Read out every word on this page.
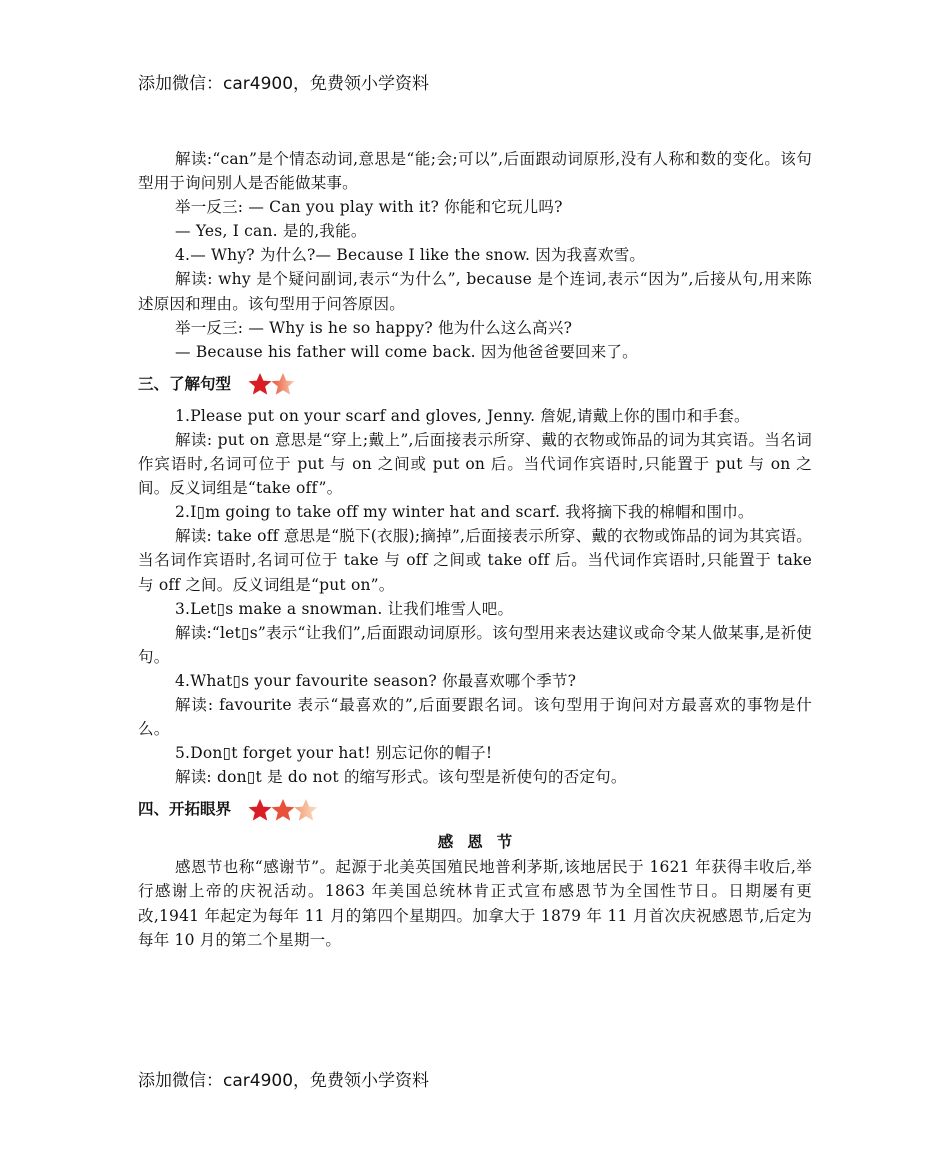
添加微信：car4900，免费领小学资料

解读:“can”是个情态动词,意思是“能;会;可以”,后面跟动词原形,没有人称和数的变化。该句型用于询问别人是否能做某事。

举一反三: — Can you play with it? 你能和它玩儿吗?

— Yes, I can. 是的,我能。

4.— Why? 为什么?— Because I like the snow. 因为我喜欢雪。

解读: why 是个疑问副词,表示“为什么”, because 是个连词,表示“因为”,后接从句,用来陈述原因和理由。该句型用于问答原因。

举一反三: — Why is he so happy? 他为什么这么高兴?

— Because his father will come back. 因为他爸爸要回来了。

三、了解句型

1.Please put on your scarf and gloves, Jenny. 詹妮,请戴上你的围巾和手套。

解读: put on 意思是“穿上;戴上”,后面接表示所穿、戴的衣物或饰品的词为其宾语。当名词作宾语时,名词可位于 put 与 on 之间或 put on 后。当代词作宾语时,只能置于 put 与 on 之间。反义词组是“take off”。

2.I▯m going to take off my winter hat and scarf. 我将摘下我的棉帽和围巾。

解读: take off 意思是“脱下(衣服);摘掉”,后面接表示所穿、戴的衣物或饰品的词为其宾语。当名词作宾语时,名词可位于 take 与 off 之间或 take off 后。当代词作宾语时,只能置于 take 与 off 之间。反义词组是“put on”。

3.Let▯s make a snowman. 让我们堆雪人吧。

解读:“let▯s”表示“让我们”,后面跟动词原形。该句型用来表达建议或命令某人做某事,是祈使句。

4.What▯s your favourite season? 你最喜欢哪个季节?

解读: favourite 表示“最喜欢的”,后面要跟名词。该句型用于询问对方最喜欢的事物是什么。

5.Don▯t forget your hat! 别忘记你的帽子!

解读: don▯t 是 do not 的缩写形式。该句型是祈使句的否定句。

四、开拓眼界
感恩节

感恩节也称“感谢节”。起源于北美英国殖民地普利茅斯,该地居民于 1621 年获得丰收后,举行感谢上帝的庆祝活动。1863 年美国总统林肯正式宣布感恩节为全国性节日。日期屡有更改,1941 年起定为每年 11 月的第四个星期四。加拿大于 1879 年 11 月首次庆祝感恩节,后定为每年 10 月的第二个星期一。

添加微信：car4900，免费领小学资料
